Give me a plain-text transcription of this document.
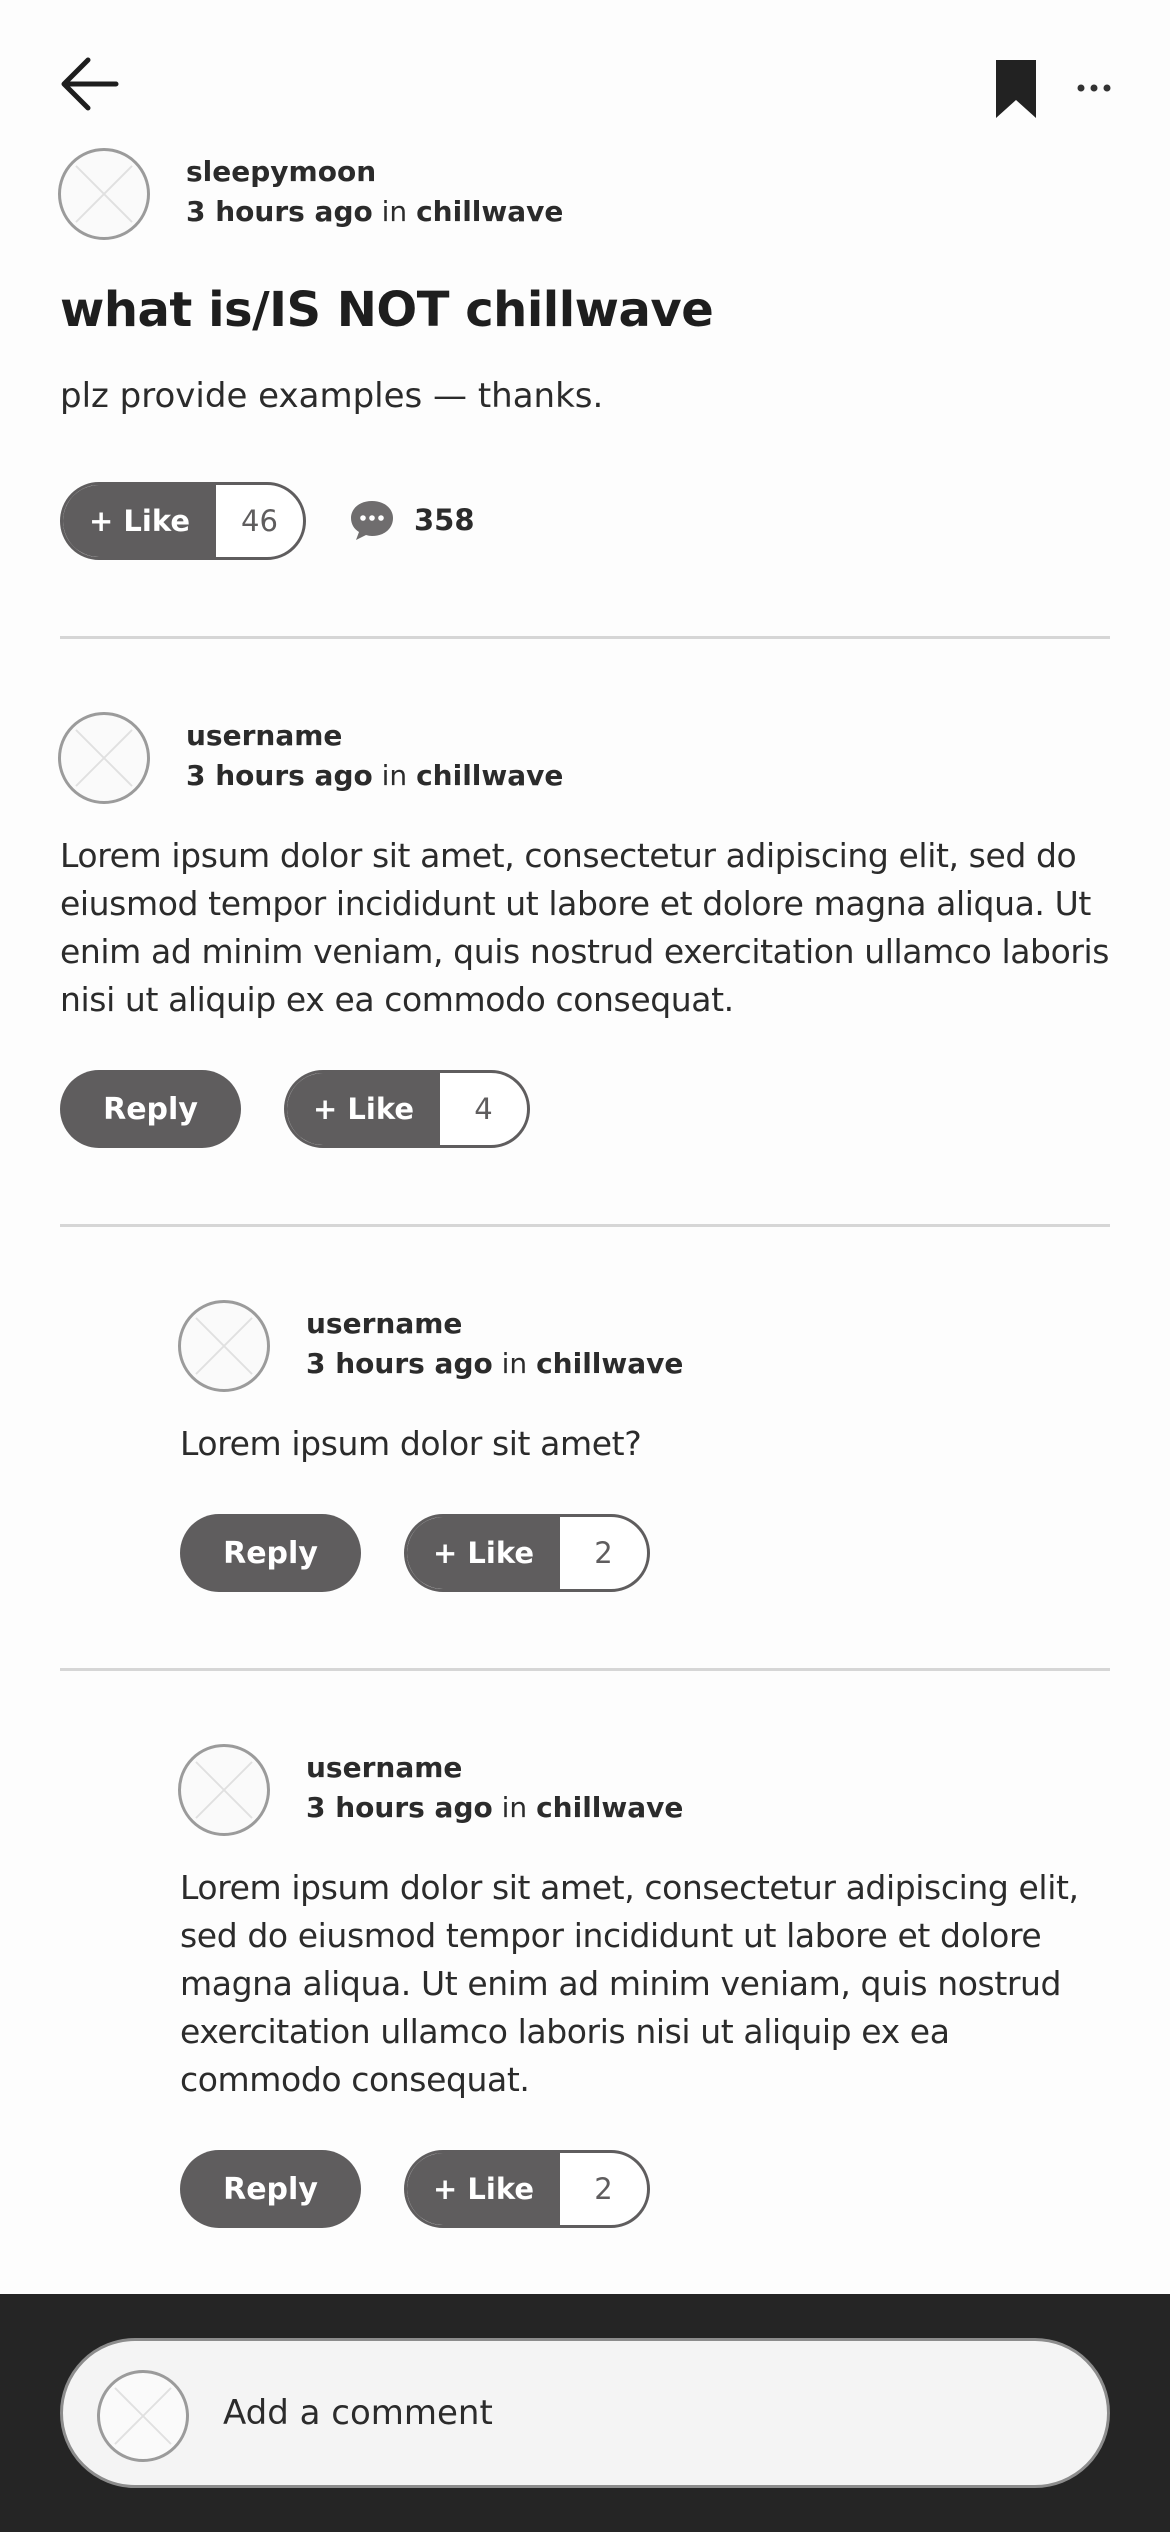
sleepymoon
3 hours ago in chillwave
what is/IS NOT chillwave
plz provide examples — thanks.
+ Like	46	358
username
3 hours ago in chillwave
Lorem ipsum dolor sit amet, consectetur adipiscing elit, sed do eiusmod tempor incididunt ut labore et dolore magna aliqua. Ut enim ad minim veniam, quis nostrud exercitation ullamco laboris nisi ut aliquip ex ea commodo consequat.
Reply	+ Like	4
username
3 hours ago in chillwave
Lorem ipsum dolor sit amet?
Reply	+ Like	2
username
3 hours ago in chillwave
Lorem ipsum dolor sit amet, consectetur adipiscing elit, sed do eiusmod tempor incididunt ut labore et dolore magna aliqua. Ut enim ad minim veniam, quis nostrud exercitation ullamco laboris nisi ut aliquip ex ea commodo consequat.
Reply	+ Like	2
Add a comment
